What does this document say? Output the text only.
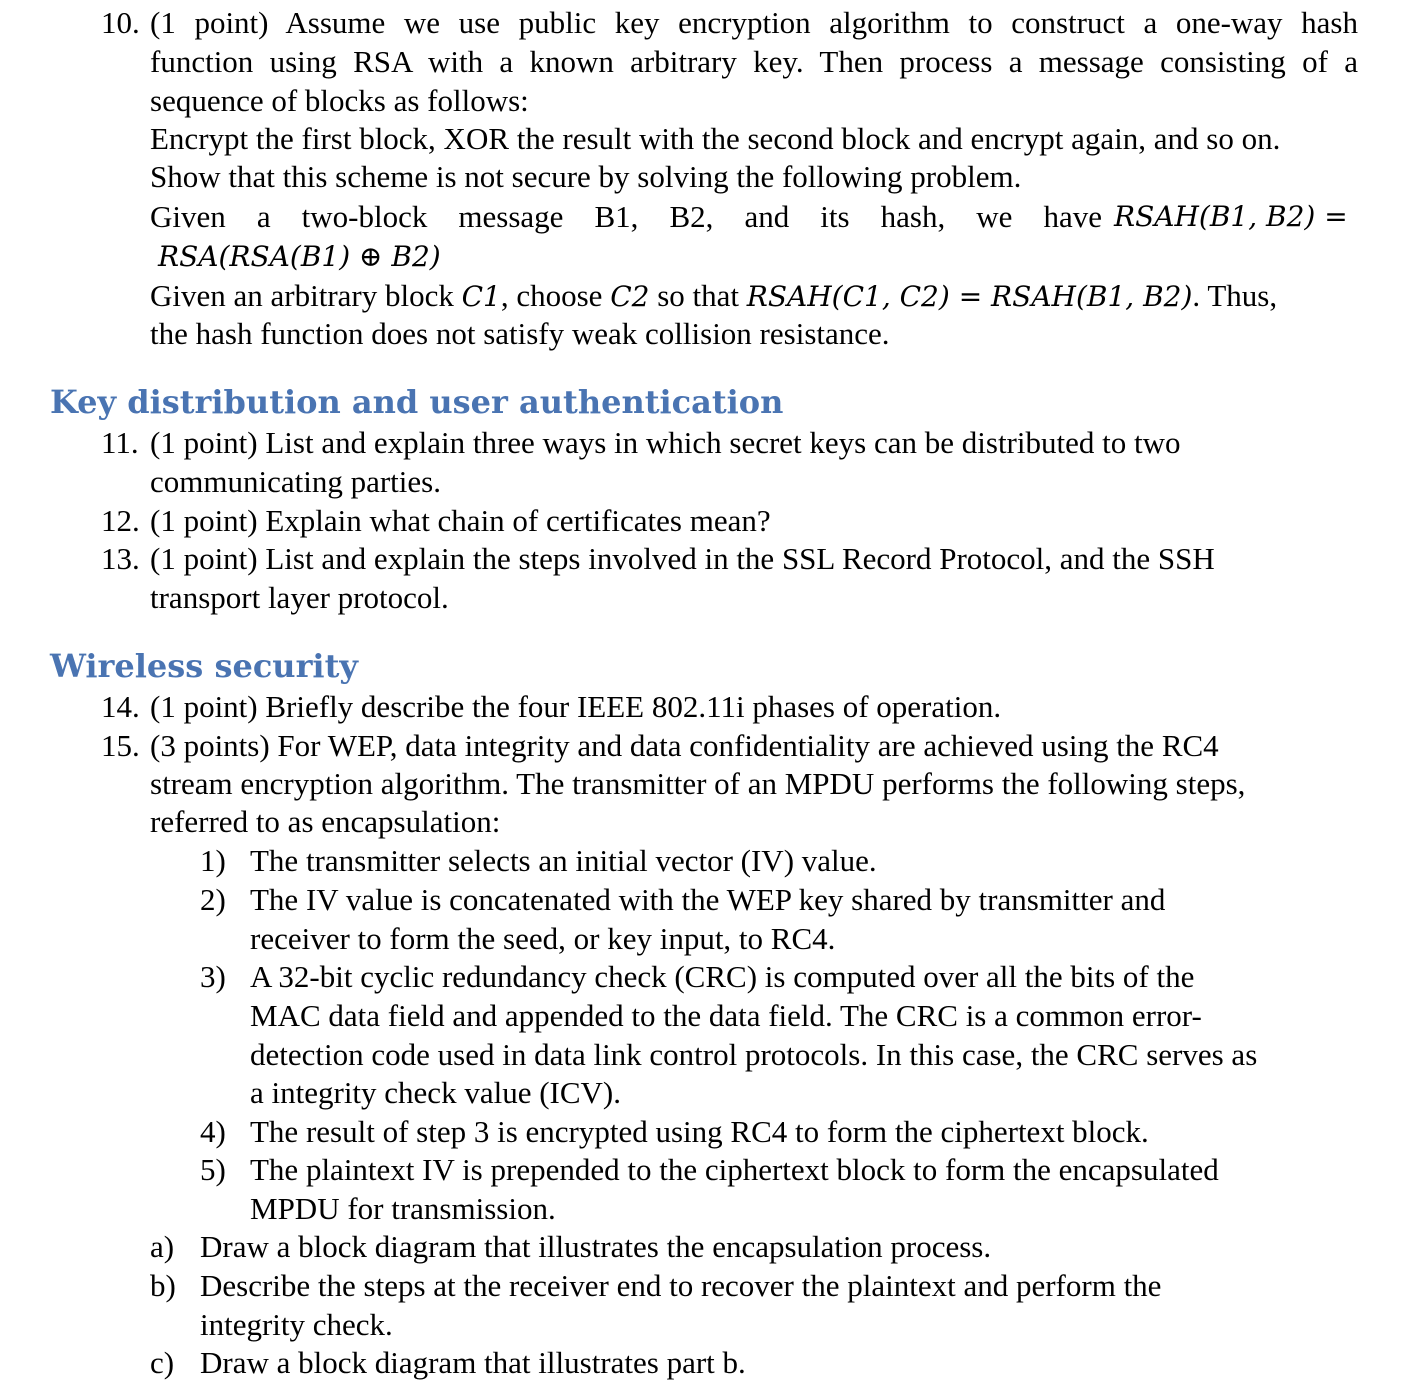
10. (1 point) Assume we use public key encryption algorithm to construct a one-way hash
function using RSA with a known arbitrary key. Then process a message consisting of a
sequence of blocks as follows:
Encrypt the first block, XOR the result with the second block and encrypt again, and so on.
Show that this scheme is not secure by solving the following problem.
Given a two-block message B1, B2, and its hash, we have RSAH(B1, B2) =
RSA(RSA(B1) ⊕ B2)
Given an arbitrary block C1, choose C2 so that RSAH(C1, C2) = RSAH(B1, B2). Thus,
the hash function does not satisfy weak collision resistance.
Key distribution and user authentication
11. (1 point) List and explain three ways in which secret keys can be distributed to two
communicating parties.
12. (1 point) Explain what chain of certificates mean?
13. (1 point) List and explain the steps involved in the SSL Record Protocol, and the SSH
transport layer protocol.
Wireless security
14. (1 point) Briefly describe the four IEEE 802.11i phases of operation.
15. (3 points) For WEP, data integrity and data confidentiality are achieved using the RC4
stream encryption algorithm. The transmitter of an MPDU performs the following steps,
referred to as encapsulation:
1) The transmitter selects an initial vector (IV) value.
2) The IV value is concatenated with the WEP key shared by transmitter and
receiver to form the seed, or key input, to RC4.
3) A 32-bit cyclic redundancy check (CRC) is computed over all the bits of the
MAC data field and appended to the data field. The CRC is a common error-
detection code used in data link control protocols. In this case, the CRC serves as
a integrity check value (ICV).
4) The result of step 3 is encrypted using RC4 to form the ciphertext block.
5) The plaintext IV is prepended to the ciphertext block to form the encapsulated
MPDU for transmission.
a) Draw a block diagram that illustrates the encapsulation process.
b) Describe the steps at the receiver end to recover the plaintext and perform the
integrity check.
c) Draw a block diagram that illustrates part b.
